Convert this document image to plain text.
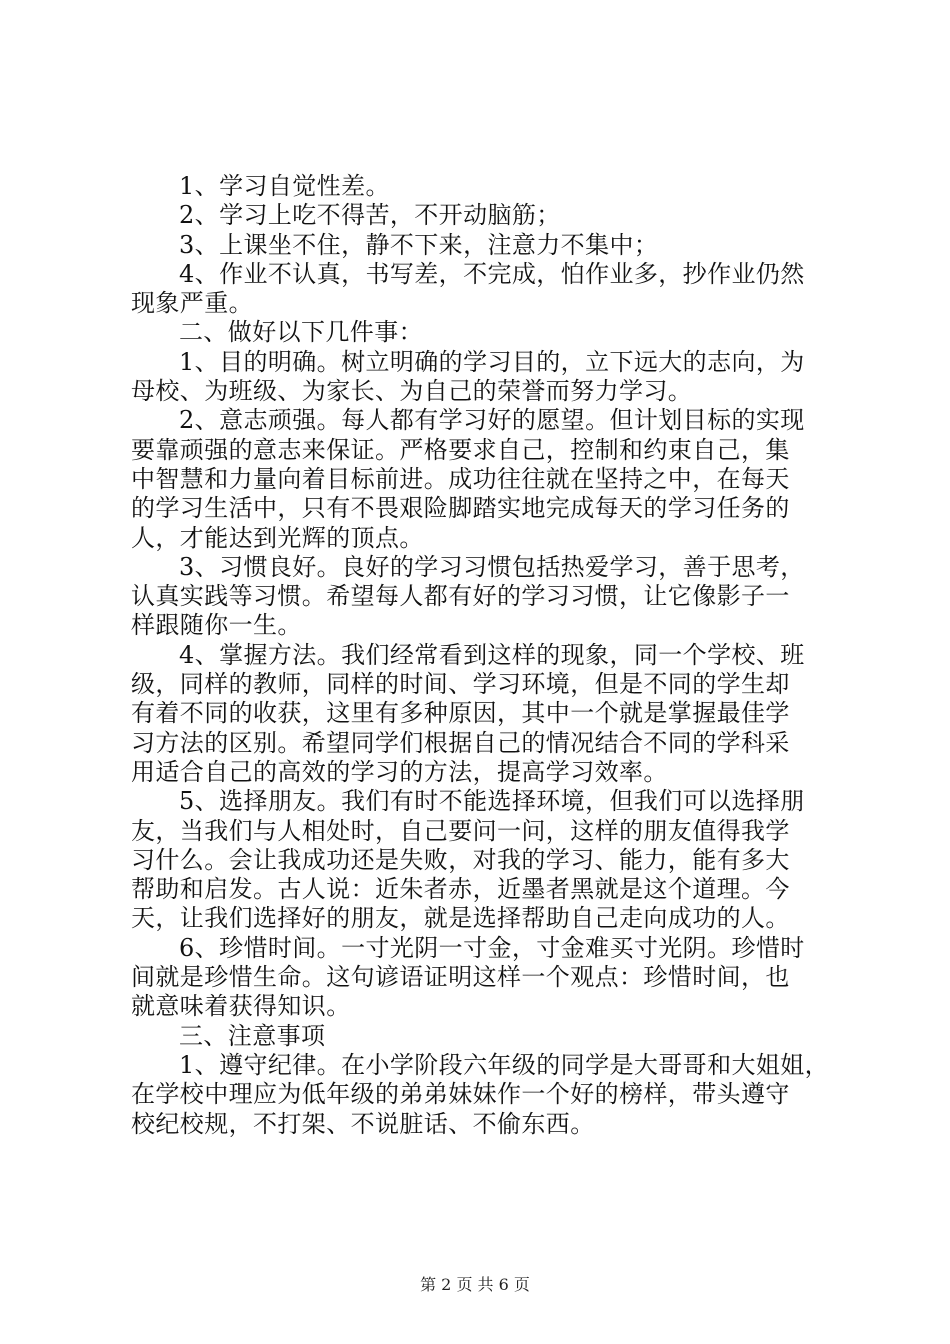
1、学习自觉性差。
2、学习上吃不得苦，不开动脑筋；
3、上课坐不住，静不下来，注意力不集中；
4、作业不认真，书写差，不完成，怕作业多，抄作业仍然
现象严重。
二、做好以下几件事：
1、目的明确。树立明确的学习目的，立下远大的志向，为
母校、为班级、为家长、为自己的荣誉而努力学习。
2、意志顽强。每人都有学习好的愿望。但计划目标的实现
要靠顽强的意志来保证。严格要求自己，控制和约束自己，集
中智慧和力量向着目标前进。成功往往就在坚持之中，在每天
的学习生活中，只有不畏艰险脚踏实地完成每天的学习任务的
人，才能达到光辉的顶点。
3、习惯良好。良好的学习习惯包括热爱学习，善于思考，
认真实践等习惯。希望每人都有好的学习习惯，让它像影子一
样跟随你一生。
4、掌握方法。我们经常看到这样的现象，同一个学校、班
级，同样的教师，同样的时间、学习环境，但是不同的学生却
有着不同的收获，这里有多种原因，其中一个就是掌握最佳学
习方法的区别。希望同学们根据自己的情况结合不同的学科采
用适合自己的高效的学习的方法，提高学习效率。
5、选择朋友。我们有时不能选择环境，但我们可以选择朋
友，当我们与人相处时，自己要问一问，这样的朋友值得我学
习什么。会让我成功还是失败，对我的学习、能力，能有多大
帮助和启发。古人说：近朱者赤，近墨者黑就是这个道理。今
天，让我们选择好的朋友，就是选择帮助自己走向成功的人。
6、珍惜时间。一寸光阴一寸金，寸金难买寸光阴。珍惜时
间就是珍惜生命。这句谚语证明这样一个观点：珍惜时间，也
就意味着获得知识。
三、注意事项
1、遵守纪律。在小学阶段六年级的同学是大哥哥和大姐姐，
在学校中理应为低年级的弟弟妹妹作一个好的榜样，带头遵守
校纪校规，不打架、不说脏话、不偷东西。
第 2 页 共 6 页
